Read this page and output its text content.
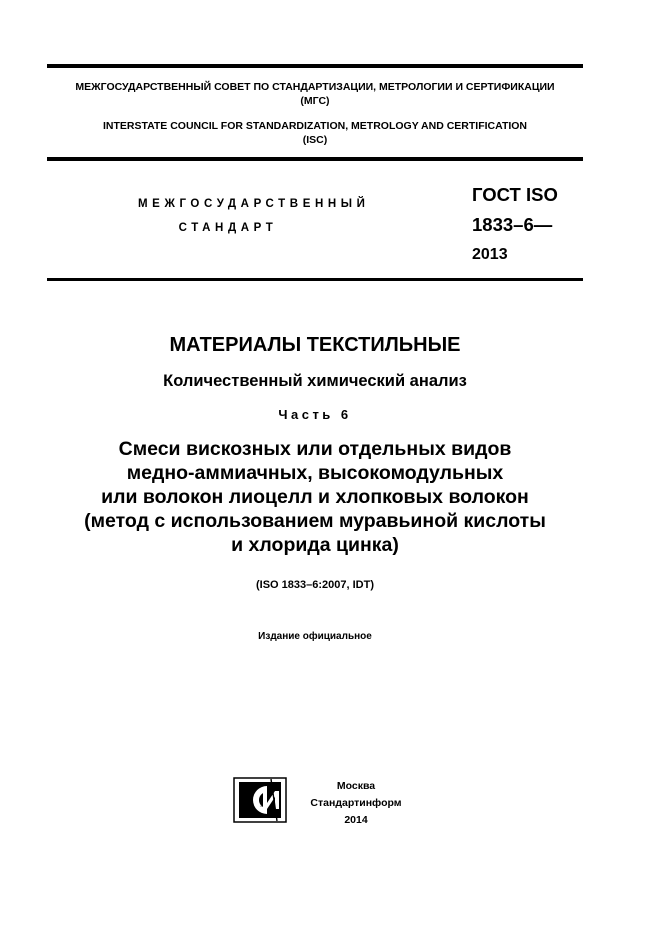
МЕЖГОСУДАРСТВЕННЫЙ СОВЕТ ПО СТАНДАРТИЗАЦИИ, МЕТРОЛОГИИ И СЕРТИФИКАЦИИ
(МГС)
INTERSTATE COUNCIL FOR STANDARDIZATION, METROLOGY AND CERTIFICATION
(ISC)
МЕЖГОСУДАРСТВЕННЫЙ
СТАНДАРТ
ГОСТ ISO
1833–6—
2013
МАТЕРИАЛЫ ТЕКСТИЛЬНЫЕ
Количественный химический анализ
Часть 6
Смеси вискозных или отдельных видов
медно-аммиачных, высокомодульных
или волокон лиоцелл и хлопковых волокон
(метод с использованием муравьиной кислоты
и хлорида цинка)
(ISO 1833–6:2007, IDT)
Издание официальное
СИ
Москва
Стандартинформ
2014
